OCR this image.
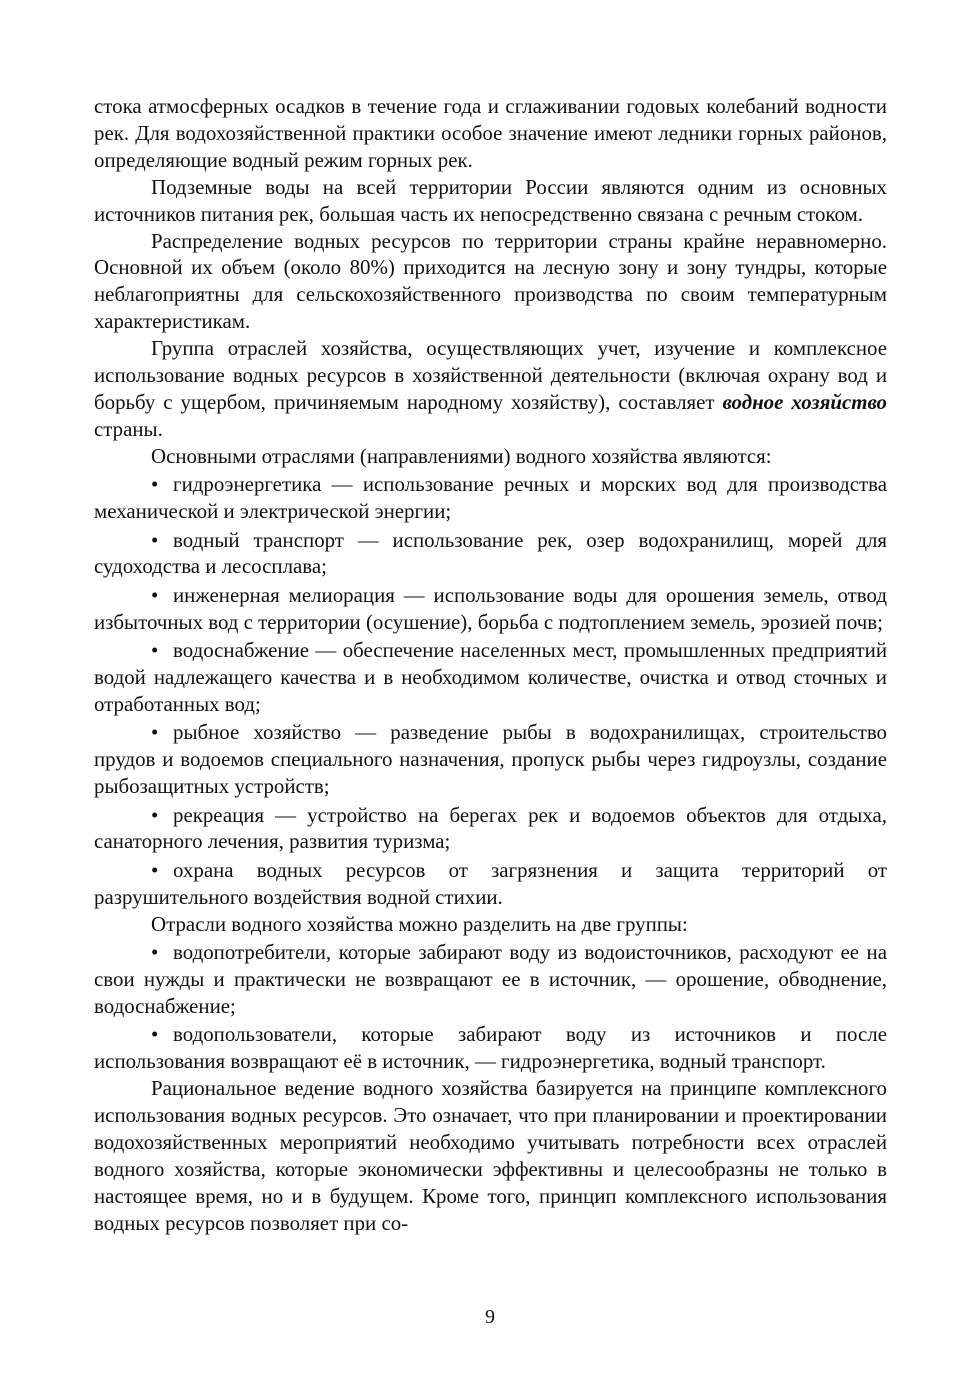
стока атмосферных осадков в течение года и сглаживании годовых колебаний водности рек. Для водохозяйственной практики особое значение имеют ледники горных районов, определяющие водный режим горных рек.

Подземные воды на всей территории России являются одним из основных источников питания рек, большая часть их непосредственно связана с речным стоком.

Распределение водных ресурсов по территории страны крайне неравномерно. Основной их объем (около 80%) приходится на лесную зону и зону тундры, которые неблагоприятны для сельскохозяйственного производства по своим температурным характеристикам.

Группа отраслей хозяйства, осуществляющих учет, изучение и комплексное использование водных ресурсов в хозяйственной деятельности (включая охрану вод и борьбу с ущербом, причиняемым народному хозяйству), составляет водное хозяйство страны.

Основными отраслями (направлениями) водного хозяйства являются:

• гидроэнергетика — использование речных и морских вод для производства механической и электрической энергии;

• водный транспорт — использование рек, озер водохранилищ, морей для судоходства и лесосплава;

• инженерная мелиорация — использование воды для орошения земель, отвод избыточных вод с территории (осушение), борьба с подтоплением земель, эрозией почв;

• водоснабжение — обеспечение населенных мест, промышленных предприятий водой надлежащего качества и в необходимом количестве, очистка и отвод сточных и отработанных вод;

• рыбное хозяйство — разведение рыбы в водохранилищах, строительство прудов и водоемов специального назначения, пропуск рыбы через гидроузлы, создание рыбозащитных устройств;

• рекреация — устройство на берегах рек и водоемов объектов для отдыха, санаторного лечения, развития туризма;

• охрана водных ресурсов от загрязнения и защита территорий от разрушительного воздействия водной стихии.

Отрасли водного хозяйства можно разделить на две группы:

• водопотребители, которые забирают воду из водоисточников, расходуют ее на свои нужды и практически не возвращают ее в источник, — орошение, обводнение, водоснабжение;

• водопользователи, которые забирают воду из источников и после использования возвращают её в источник, — гидроэнергетика, водный транспорт.

Рациональное ведение водного хозяйства базируется на принципе комплексного использования водных ресурсов. Это означает, что при планировании и проектировании водохозяйственных мероприятий необходимо учитывать потребности всех отраслей водного хозяйства, которые экономически эффективны и целесообразны не только в настоящее время, но и в будущем. Кроме того, принцип комплексного использования водных ресурсов позволяет при со-

9
